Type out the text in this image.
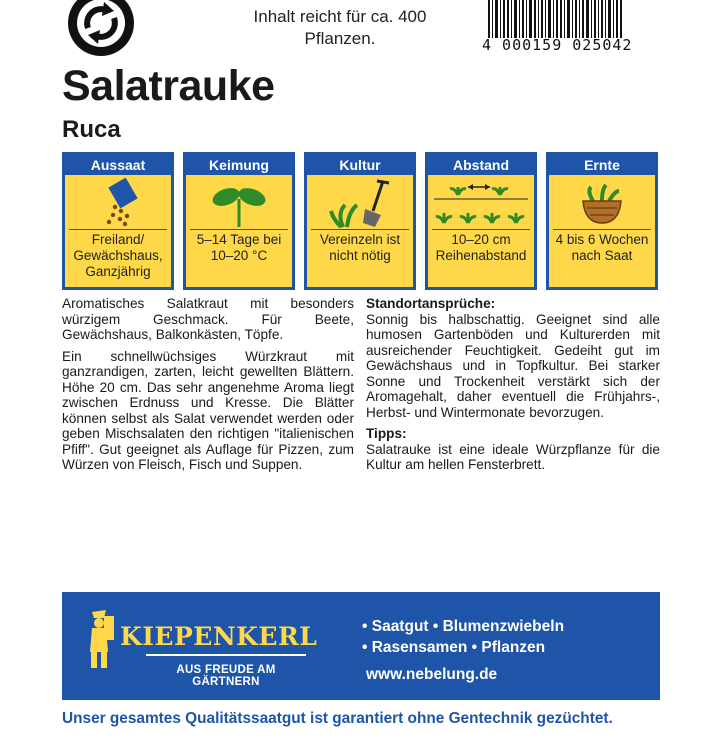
Inhalt reicht für ca. 400 Pflanzen.	4 000159 025042
Salatrauke
Ruca
Aussaat
Freiland/ Gewächshaus, Ganzjährig
Keimung
5–14 Tage bei 10–20 °C
Kultur
Vereinzeln ist nicht nötig
Abstand
10–20 cm Reihenabstand
Ernte
4 bis 6 Wochen nach Saat

Aromatisches Salatkraut mit besonders würzigem Geschmack. Für Beete, Gewächshaus, Balkonkästen, Töpfe.

Ein schnellwüchsiges Würzkraut mit ganzrandigen, zarten, leicht gewellten Blättern. Höhe 20 cm. Das sehr angenehme Aroma liegt zwischen Erdnuss und Kresse. Die Blätter können selbst als Salat verwendet werden oder geben Mischsalaten den richtigen "italienischen Pfiff". Gut geeignet als Auflage für Pizzen, zum Würzen von Fleisch, Fisch und Suppen.

Standortansprüche:

Sonnig bis halbschattig. Geeignet sind alle humosen Gartenböden und Kulturerden mit ausreichender Feuchtigkeit. Gedeiht gut im Gewächshaus und in Topfkultur. Bei starker Sonne und Trockenheit verstärkt sich der Aromagehalt, daher eventuell die Frühjahrs-, Herbst- und Wintermonate bevorzugen.

Tipps:

Salatrauke ist eine ideale Würzpflanze für die Kultur am hellen Fensterbrett.

KIEPENKERL
AUS FREUDE AM GÄRTNERN
• Saatgut • Blumenzwiebeln
• Rasensamen • Pflanzen
www.nebelung.de
Unser gesamtes Qualitätssaatgut ist garantiert ohne Gentechnik gezüchtet.
